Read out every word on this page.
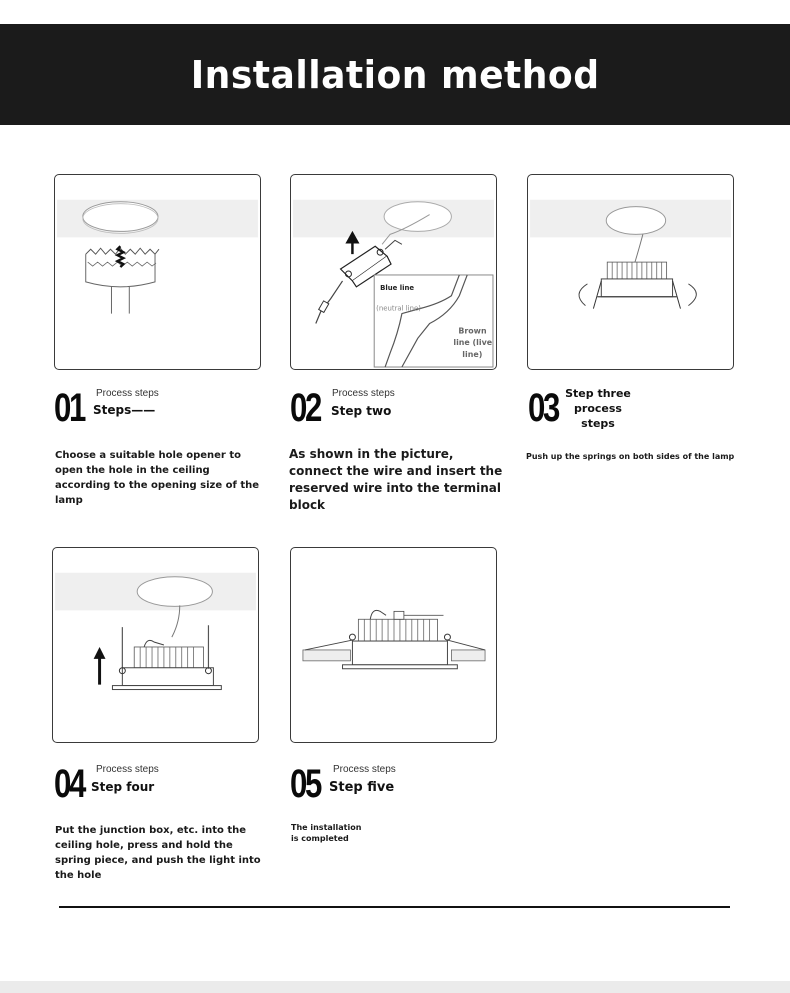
Installation method
01 Process steps
Steps——
Choose a suitable hole opener to open the hole in the ceiling according to the opening size of the lamp
Blue line
(neutral line)
Brown
line (live
line)
02 Process steps
Step two
As shown in the picture, connect the wire and insert the reserved wire into the terminal block
03 Step three
process
steps
Push up the springs on both sides of the lamp
04 Process steps
Step four
Put the junction box, etc. into the ceiling hole, press and hold the spring piece, and push the light into the hole
05 Process steps
Step five
The installation
is completed
